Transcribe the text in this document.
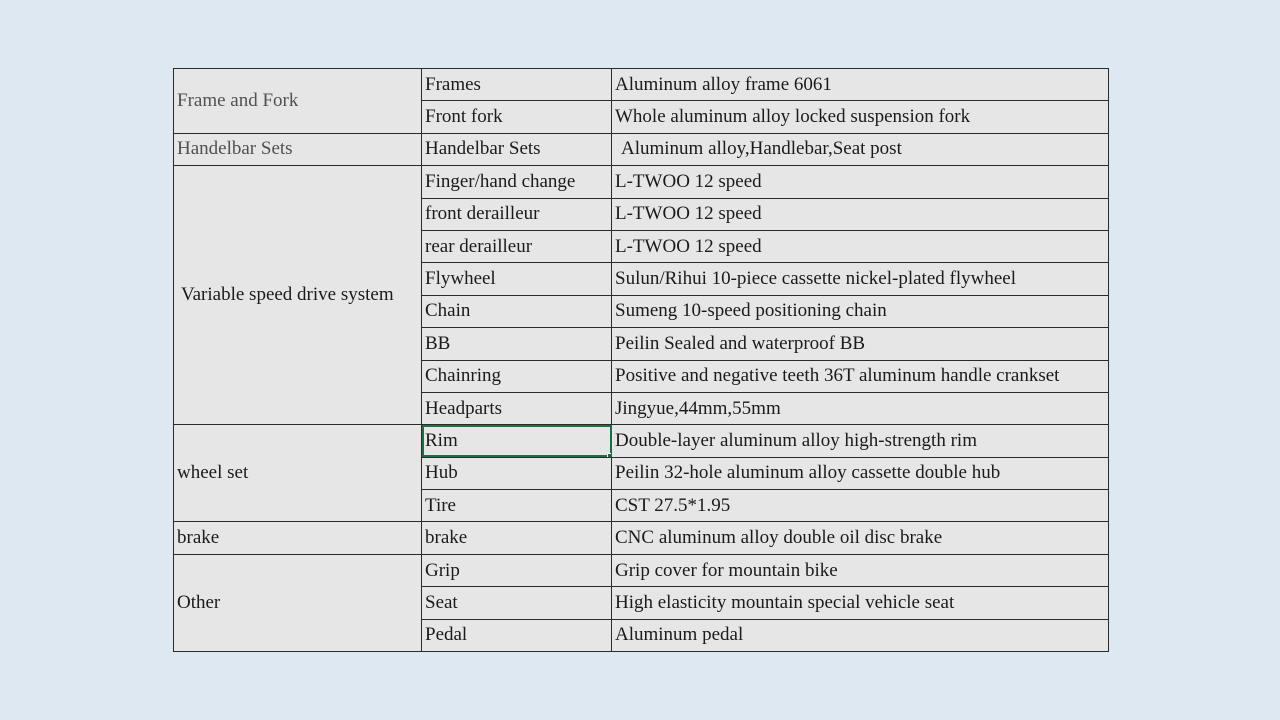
Frame and Fork	Frames	Aluminum alloy frame 6061
	Front fork	Whole aluminum alloy locked suspension fork
Handelbar Sets	Handelbar Sets	Aluminum alloy,Handlebar,Seat post
Variable speed drive system	Finger/hand change	L-TWOO 12 speed
	front derailleur	L-TWOO 12 speed
	rear derailleur	L-TWOO 12 speed
	Flywheel	Sulun/Rihui 10-piece cassette nickel-plated flywheel
	Chain	Sumeng 10-speed positioning chain
	BB	Peilin Sealed and waterproof BB
	Chainring	Positive and negative teeth 36T aluminum handle crankset
	Headparts	Jingyue,44mm,55mm
wheel set	Rim	Double-layer aluminum alloy high-strength rim
	Hub	Peilin 32-hole aluminum alloy cassette double hub
	Tire	CST 27.5*1.95
brake	brake	CNC aluminum alloy double oil disc brake
Other	Grip	Grip cover for mountain bike
	Seat	High elasticity mountain special vehicle seat
	Pedal	Aluminum pedal
